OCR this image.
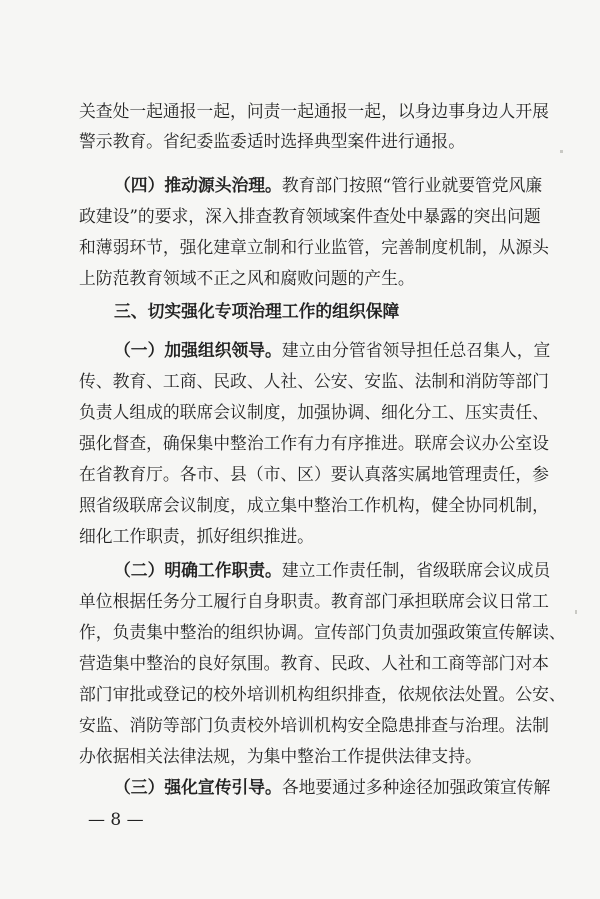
关查处一起通报一起，问责一起通报一起，以身边事身边人开展
警示教育。省纪委监委适时选择典型案件进行通报。
（四）推动源头治理。教育部门按照“管行业就要管党风廉
政建设”的要求，深入排查教育领域案件查处中暴露的突出问题
和薄弱环节，强化建章立制和行业监管，完善制度机制，从源头
上防范教育领域不正之风和腐败问题的产生。
三、切实强化专项治理工作的组织保障
（一）加强组织领导。建立由分管省领导担任总召集人，宣
传、教育、工商、民政、人社、公安、安监、法制和消防等部门
负责人组成的联席会议制度，加强协调、细化分工、压实责任、
强化督查，确保集中整治工作有力有序推进。联席会议办公室设
在省教育厅。各市、县（市、区）要认真落实属地管理责任，参
照省级联席会议制度，成立集中整治工作机构，健全协同机制，
细化工作职责，抓好组织推进。
（二）明确工作职责。建立工作责任制，省级联席会议成员
单位根据任务分工履行自身职责。教育部门承担联席会议日常工
作，负责集中整治的组织协调。宣传部门负责加强政策宣传解读、
营造集中整治的良好氛围。教育、民政、人社和工商等部门对本
部门审批或登记的校外培训机构组织排查，依规依法处置。公安、
安监、消防等部门负责校外培训机构安全隐患排查与治理。法制
办依据相关法律法规，为集中整治工作提供法律支持。
（三）强化宣传引导。各地要通过多种途径加强政策宣传解
— 8 —
